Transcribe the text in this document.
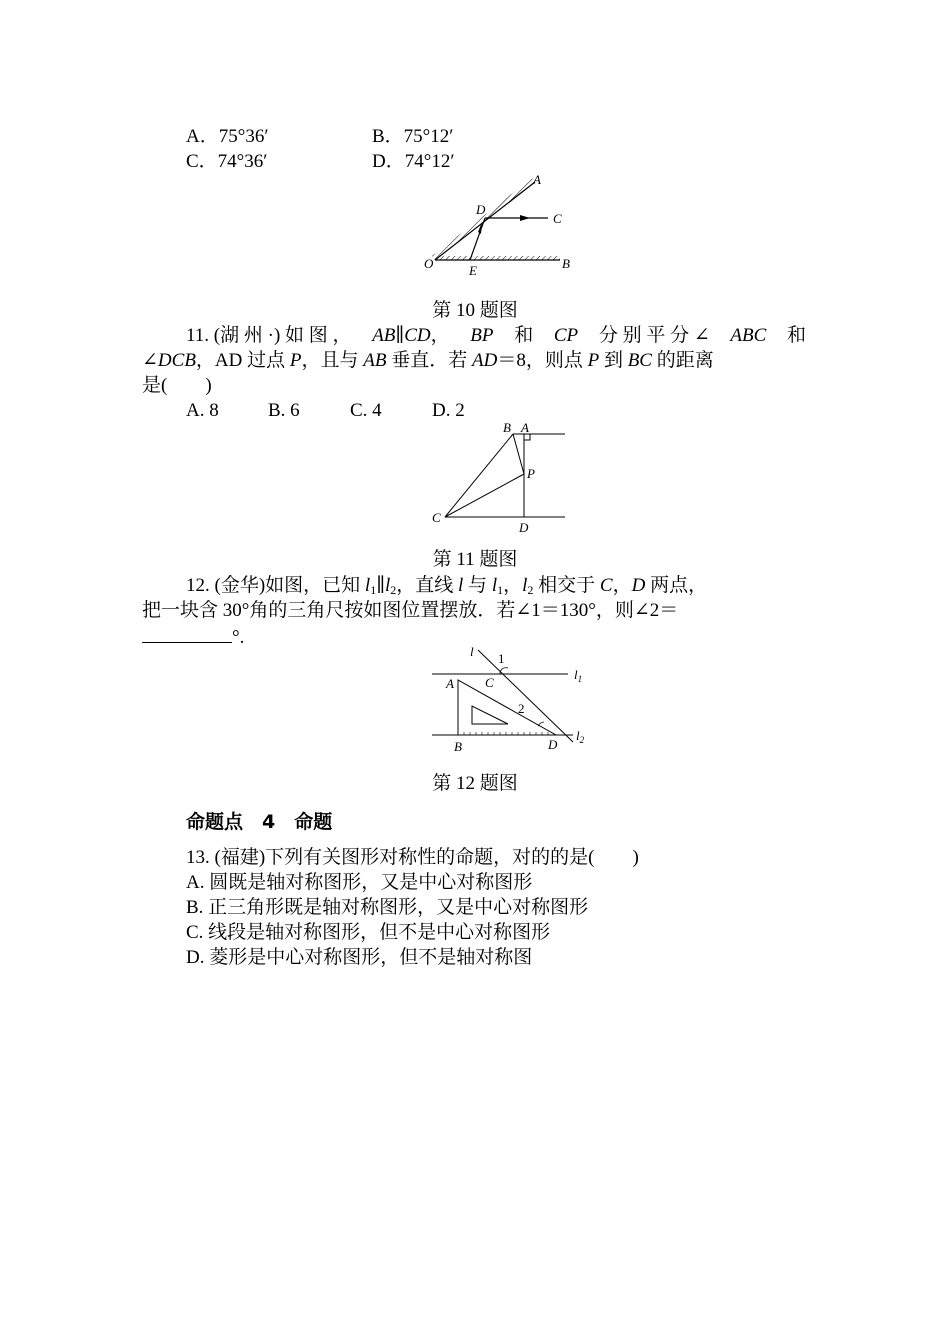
A．75°36′	B．75°12′
C．74°36′	D．74°12′
A
D
C
O	E	B
第 10 题图
11. (湖 州 ·) 如 图 ， AB∥CD， BP 和 CP 分 别 平 分 ∠ ABC 和
∠DCB，AD 过点 P，且与 AB 垂直．若 AD＝8，则点 P 到 BC 的距离
是(　　)
A. 8	B. 6	C. 4	D. 2
B A
P
C
D
第 11 题图
12. (金华)如图，已知 $l_1\parallel l_2$，直线 l 与 $l_1$，$l_2$ 相交于 C，D 两点，
把一块含 30°角的三角尺按如图位置摆放．若∠1＝130°，则∠2＝
°.
l 1
C
$l_1$
A
2
B	D
$l_2$
第 12 题图
命题点　4　命题
13. (福建)下列有关图形对称性的命题，对的的是(　　)
A. 圆既是轴对称图形，又是中心对称图形
B. 正三角形既是轴对称图形，又是中心对称图形
C. 线段是轴对称图形，但不是中心对称图形
D. 菱形是中心对称图形，但不是轴对称图
